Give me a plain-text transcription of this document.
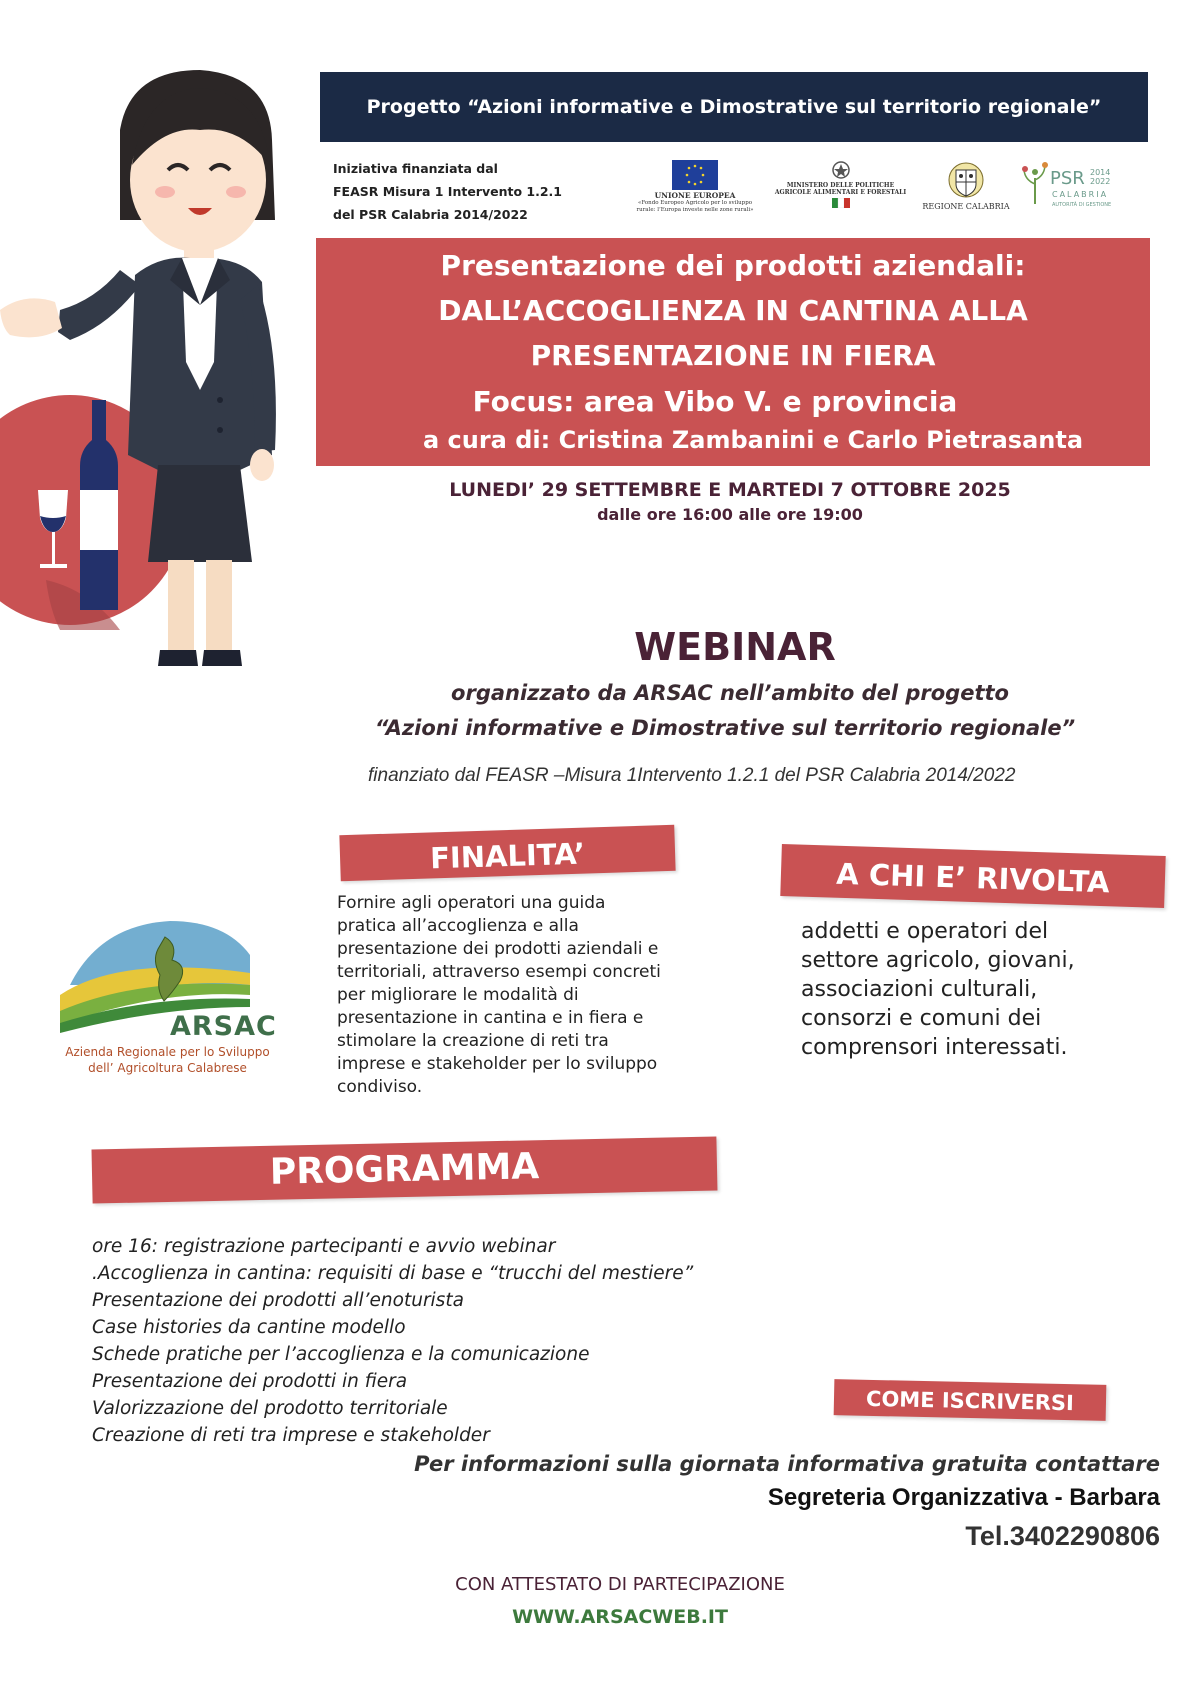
Progetto “Azioni informative e Dimostrative sul territorio regionale”
Iniziativa finanziata dal
FEASR Misura 1 Intervento 1.2.1
del PSR Calabria 2014/2022
UNIONE EUROPEA
«Fondo Europeo Agricolo per lo sviluppo rurale: l’Europa investe nelle zone rurali»
MINISTERO DELLE POLITICHE AGRICOLE ALIMENTARI E FORESTALI
REGIONE CALABRIA
PSR 2014 2022
CALABRIA
AUTORITÀ DI GESTIONE
Presentazione dei prodotti aziendali:
DALL’ACCOGLIENZA IN CANTINA ALLA
PRESENTAZIONE IN FIERA
Focus: area Vibo V. e provincia
a cura di: Cristina Zambanini e Carlo Pietrasanta
LUNEDI’ 29 SETTEMBRE E MARTEDI 7 OTTOBRE 2025
dalle ore 16:00 alle ore 19:00
WEBINAR
organizzato da ARSAC nell’ambito del progetto
“Azioni informative e Dimostrative sul territorio regionale”
finanziato dal FEASR –Misura 1Intervento 1.2.1 del PSR Calabria 2014/2022
FINALITA’
Fornire agli operatori una guida
pratica all’accoglienza e alla
presentazione dei prodotti aziendali e
territoriali, attraverso esempi concreti
per migliorare le modalità di
presentazione in cantina e in fiera e
stimolare la creazione di reti tra
imprese e stakeholder per lo sviluppo
condiviso.
A CHI E’ RIVOLTA
addetti e operatori del
settore agricolo, giovani,
associazioni culturali,
consorzi e comuni dei
comprensori interessati.
ARSAC
Azienda Regionale per lo Sviluppo
dell’ Agricoltura Calabrese
PROGRAMMA
ore 16: registrazione partecipanti e avvio webinar
.Accoglienza in cantina: requisiti di base e “trucchi del mestiere”
Presentazione dei prodotti all’enoturista
Case histories da cantine modello
Schede pratiche per l’accoglienza e la comunicazione
Presentazione dei prodotti in fiera
Valorizzazione del prodotto territoriale
Creazione di reti tra imprese e stakeholder
COME ISCRIVERSI
Per informazioni sulla giornata informativa gratuita contattare
Segreteria Organizzativa - Barbara
Tel.3402290806
CON ATTESTATO DI PARTECIPAZIONE
WWW.ARSACWEB.IT
